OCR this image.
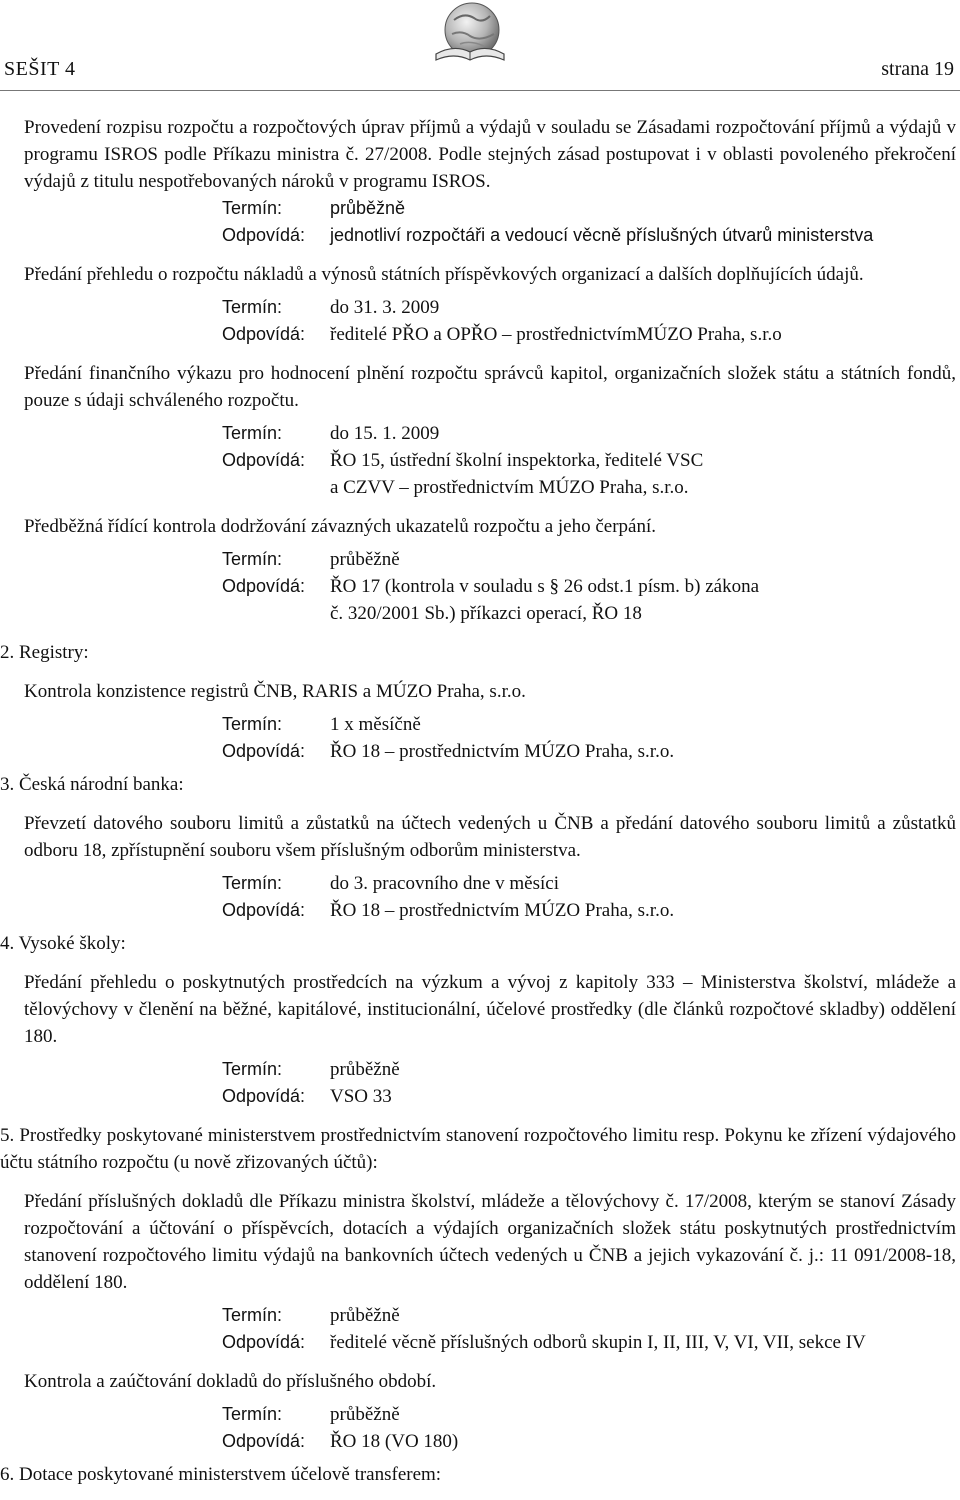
SEŠIT 4	strana 19

Provedení rozpisu rozpočtu a rozpočtových úprav příjmů a výdajů v souladu se Zásadami rozpočtování příjmů a výdajů v programu ISROS podle Příkazu ministra č. 27/2008. Podle stejných zásad postupovat i v oblasti povoleného překročení výdajů z titulu nespotřebovaných nároků v programu ISROS.

Termín:	průběžně
Odpovídá:	jednotliví rozpočtáři a vedoucí věcně příslušných útvarů ministerstva

Předání přehledu o rozpočtu nákladů a výnosů státních příspěvkových organizací a dalších doplňujících údajů.

Termín:	do 31. 3. 2009
Odpovídá:	ředitelé PŘO a OPŘO – prostřednictvímMÚZO Praha, s.r.o

Předání finančního výkazu pro hodnocení plnění rozpočtu správců kapitol, organizačních složek státu a státních fondů, pouze s údaji schváleného rozpočtu.

Termín:	do 15. 1. 2009
Odpovídá:	ŘO 15, ústřední školní inspektorka, ředitelé VSC
a CZVV – prostřednictvím MÚZO Praha, s.r.o.

Předběžná řídící kontrola dodržování závazných ukazatelů rozpočtu a jeho čerpání.

Termín:	průběžně
Odpovídá:	ŘO 17 (kontrola v souladu s § 26 odst.1 písm. b) zákona
č. 320/2001 Sb.) příkazci operací, ŘO 18
2. Registry:

Kontrola konzistence registrů ČNB, RARIS a MÚZO Praha, s.r.o.

Termín:	1 x měsíčně
Odpovídá:	ŘO 18 – prostřednictvím MÚZO Praha, s.r.o.
3. Česká národní banka:

Převzetí datového souboru limitů a zůstatků na účtech vedených u ČNB a předání datového souboru limitů a zůstatků odboru 18, zpřístupnění souboru všem příslušným odborům ministerstva.

Termín:	do 3. pracovního dne v měsíci
Odpovídá:	ŘO 18 – prostřednictvím MÚZO Praha, s.r.o.
4. Vysoké školy:

Předání přehledu o poskytnutých prostředcích na výzkum a vývoj z kapitoly 333 – Ministerstva školství, mládeže a tělovýchovy v členění na běžné, kapitálové, institucionální, účelové prostředky (dle článků rozpočtové skladby) oddělení 180.

Termín:	průběžně
Odpovídá:	VSO 33

5. Prostředky poskytované ministerstvem prostřednictvím stanovení rozpočtového limitu resp. Pokynu ke zřízení výdajového účtu státního rozpočtu (u nově zřizovaných účtů):

Předání příslušných dokladů dle Příkazu ministra školství, mládeže a tělovýchovy č. 17/2008, kterým se stanoví Zásady rozpočtování a účtování o příspěvcích, dotacích a výdajích organizačních složek státu poskytnutých prostřednictvím stanovení rozpočtového limitu výdajů na bankovních účtech vedených u ČNB a jejich vykazování č. j.: 11 091/2008-18, oddělení 180.

Termín:	průběžně
Odpovídá:	ředitelé věcně příslušných odborů skupin I, II, III, V, VI, VII, sekce IV

Kontrola a zaúčtování dokladů do příslušného období.

Termín:	průběžně
Odpovídá:	ŘO 18 (VO 180)
6. Dotace poskytované ministerstvem účelově transferem:
